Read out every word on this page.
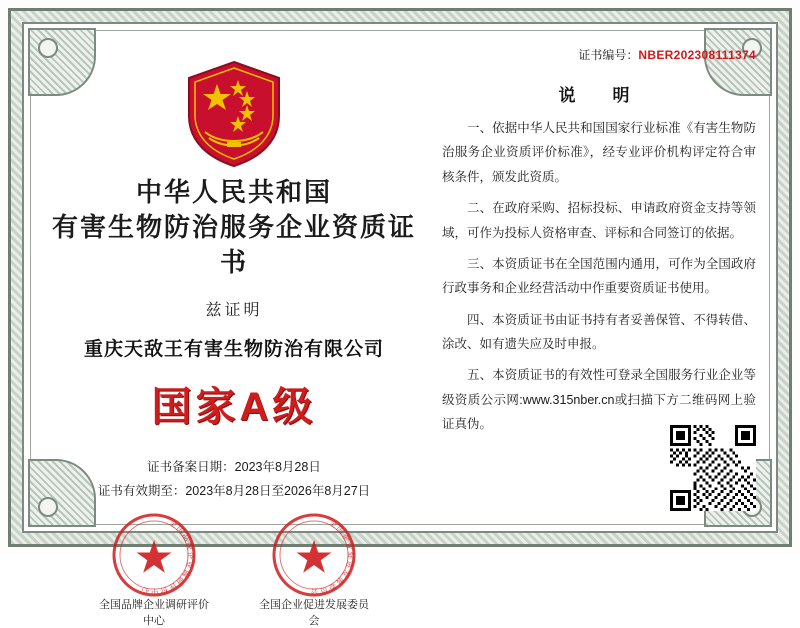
中华人民共和国
有害生物防治服务企业资质证书
兹证明
重庆天敌王有害生物防治有限公司
国家A级
证书备案日期：2023年8月28日
证书有效期至：2023年8月28日至2026年8月27日
全国品牌企业调研评价中心
全国品牌企业调研评价中心
全国企业促进发展委员会
全国企业促进发展委员会
证书编号：NBER202308111374
说　明
一、依据中华人民共和国国家行业标准《有害生物防治服务企业资质评价标准》，经专业评价机构评定符合审核条件，颁发此资质。
二、在政府采购、招标投标、申请政府资金支持等领域，可作为投标人资格审查、评标和合同签订的依据。
三、本资质证书在全国范围内通用，可作为全国政府行政事务和企业经营活动中作重要资质证书使用。
四、本资质证书由证书持有者妥善保管、不得转借、涂改、如有遗失应及时申报。
五、本资质证书的有效性可登录全国服务行业企业等级资质公示网:www.315nber.cn或扫描下方二维码网上验证真伪。
